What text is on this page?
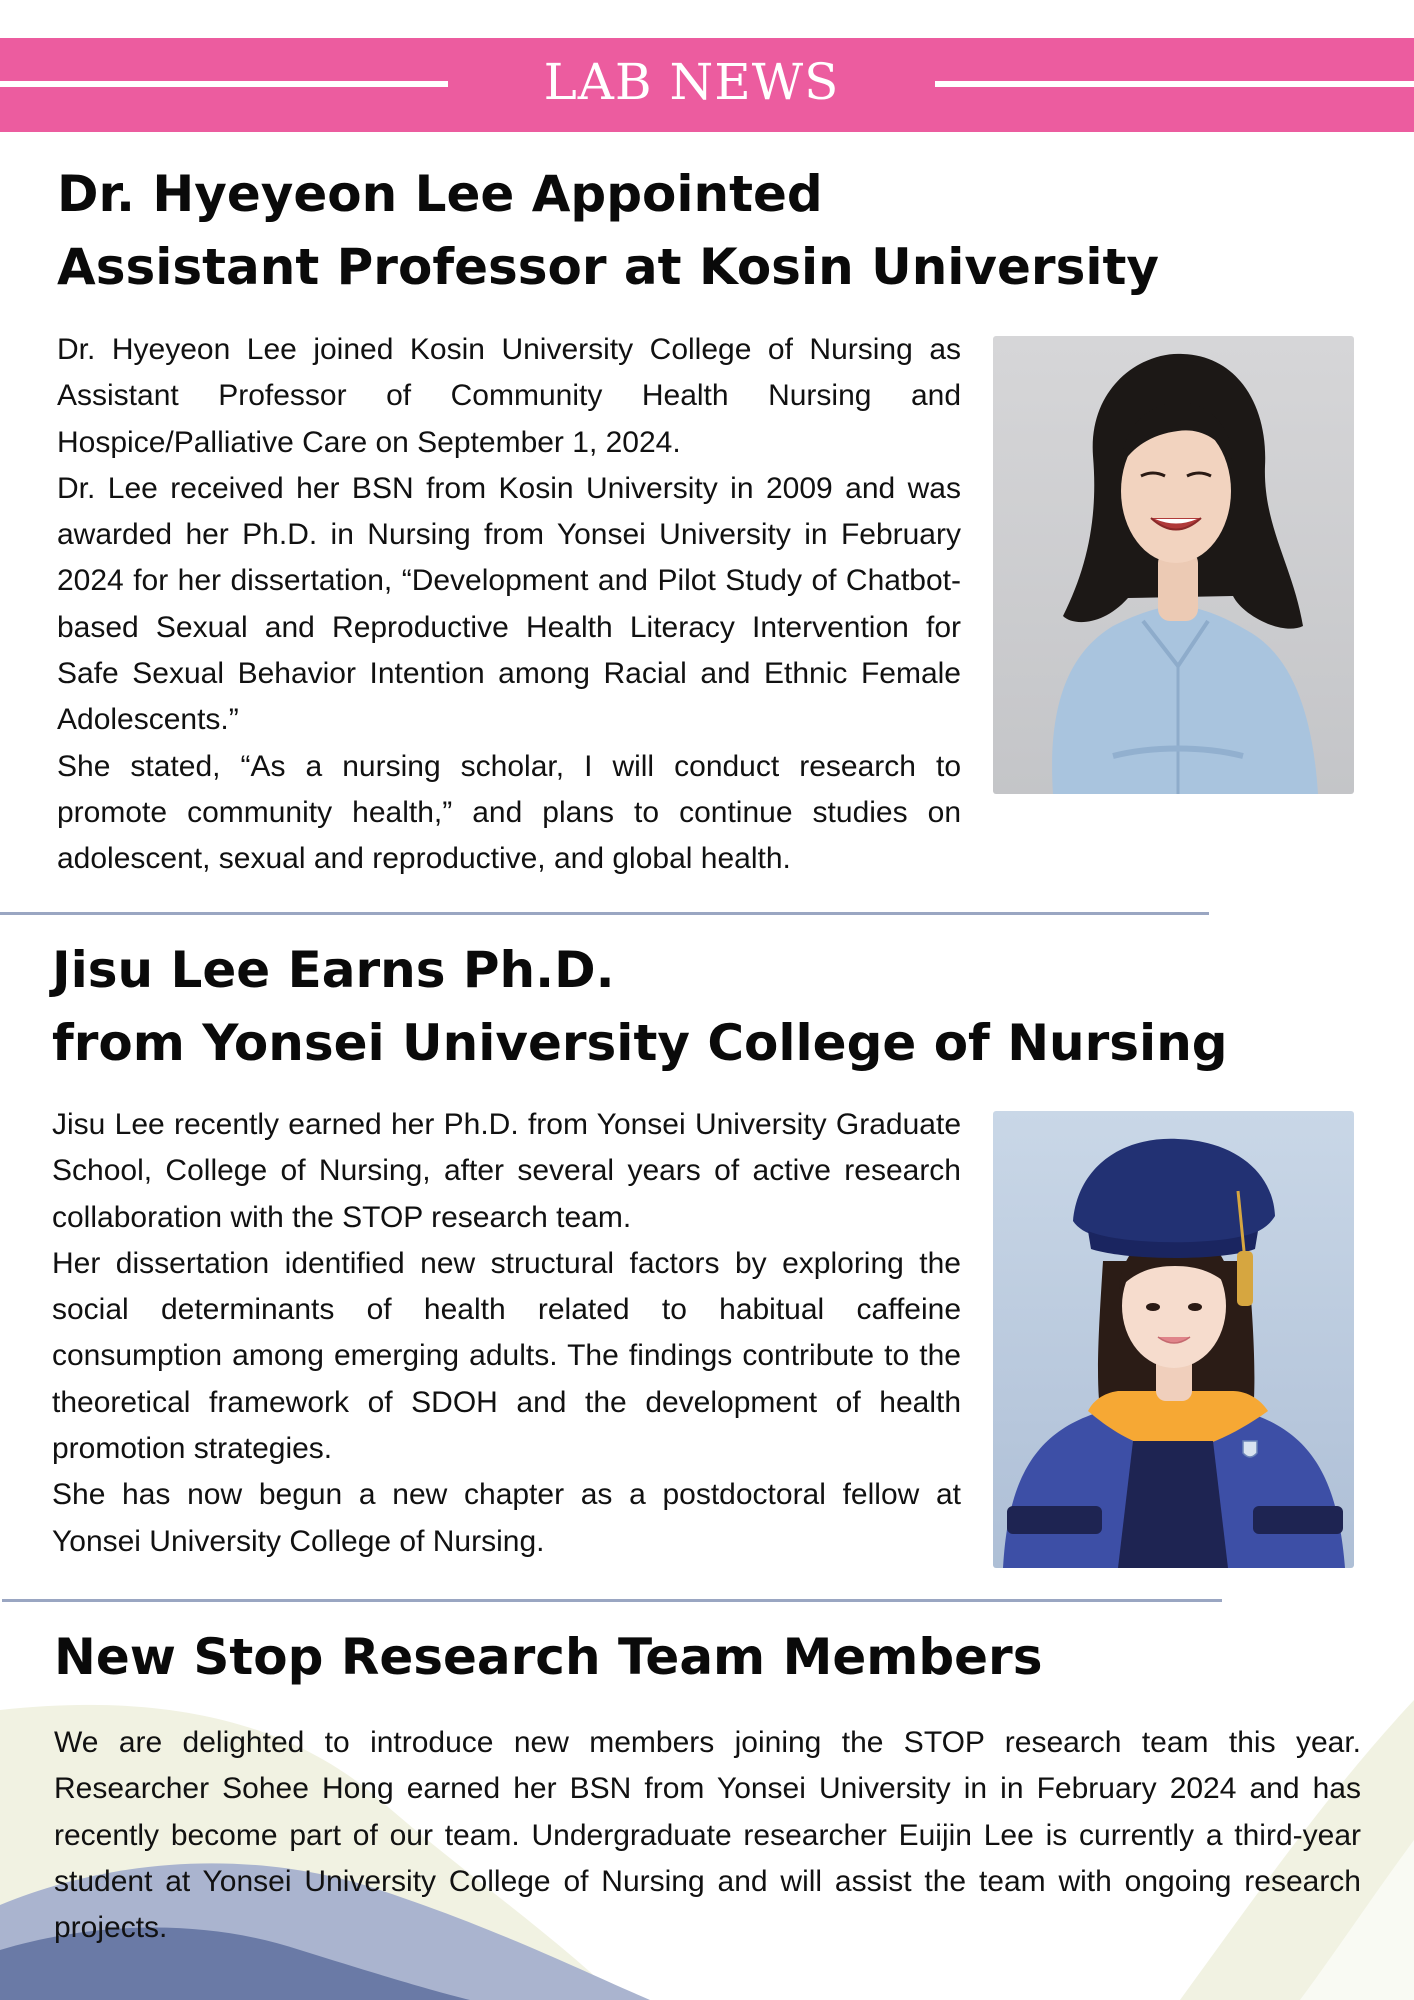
LAB NEWS
Dr. Hyeyeon Lee Appointed
Assistant Professor at Kosin University

Dr. Hyeyeon Lee joined Kosin University College of Nursing as Assistant Professor of Community Health Nursing and Hospice/Palliative Care on September 1, 2024.

Dr. Lee received her BSN from Kosin University in 2009 and was awarded her Ph.D. in Nursing from Yonsei University in February 2024 for her dissertation, “Development and Pilot Study of Chatbot-based Sexual and Reproductive Health Literacy Intervention for Safe Sexual Behavior Intention among Racial and Ethnic Female Adolescents.”

She stated, “As a nursing scholar, I will conduct research to promote community health,” and plans to continue studies on adolescent, sexual and reproductive, and global health.

Jisu Lee Earns Ph.D.
from Yonsei University College of Nursing

Jisu Lee recently earned her Ph.D. from Yonsei University Graduate School, College of Nursing, after several years of active research collaboration with the STOP research team.

Her dissertation identified new structural factors by exploring the social determinants of health related to habitual caffeine consumption among emerging adults. The findings contribute to the theoretical framework of SDOH and the development of health promotion strategies.

She has now begun a new chapter as a postdoctoral fellow at Yonsei University College of Nursing.

New Stop Research Team Members

We are delighted to introduce new members joining the STOP research team this year. Researcher Sohee Hong earned her BSN from Yonsei University in in February 2024 and has recently become part of our team. Undergraduate researcher Euijin Lee is currently a third-year student at Yonsei University College of Nursing and will assist the team with ongoing research projects.
